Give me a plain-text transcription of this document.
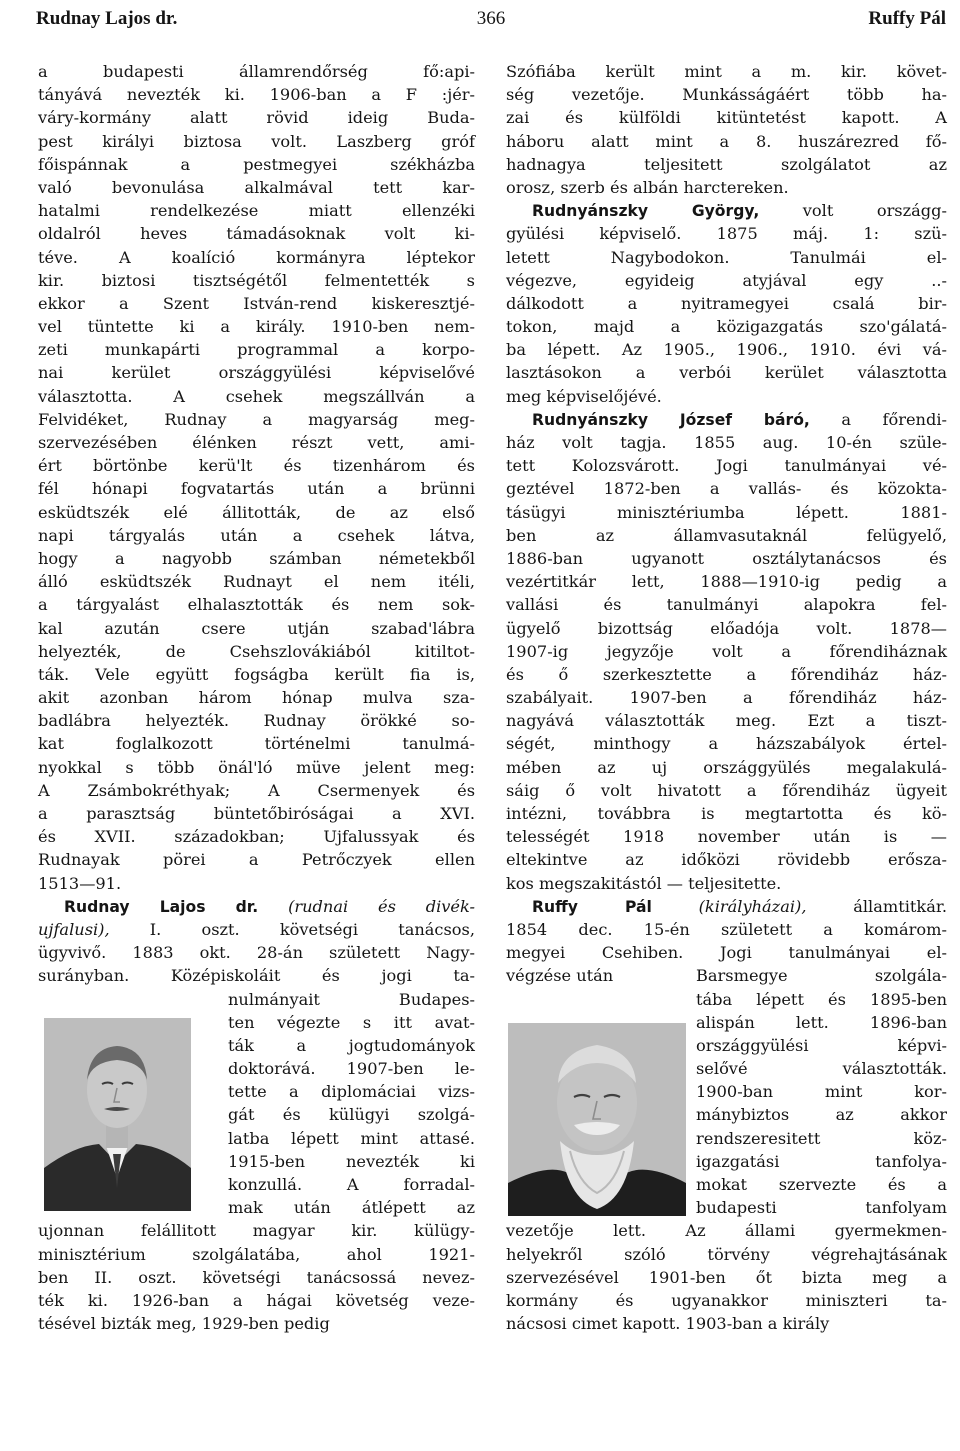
Rudnay Lajos dr.	366	Ruffy Pál
a budapesti államrendőrség fő:api-
tányává nevezték ki. 1906-ban a F :jér-
váry-kormány alatt rövid ideig Buda-
pest királyi biztosa volt. Laszberg gróf
főispánnak a pestmegyei székházba
való bevonulása alkalmával tett kar-
hatalmi rendelkezése miatt ellenzéki
oldalról heves támadásoknak volt ki-
téve. A koalíció kormányra léptekor
kir. biztosi tisztségétől felmentették s
ekkor a Szent István-rend kiskeresztjé-
vel tüntette ki a király. 1910-ben nem-
zeti munkapárti programmal a korpo-
nai kerület országgyülési képviselővé
választotta. A csehek megszállván a
Felvidéket, Rudnay a magyarság meg-
szervezésében élénken részt vett, ami-
ért börtönbe kerü'lt és tizenhárom és
fél hónapi fogvatartás után a brünni
esküdtszék elé állitották, de az első
napi tárgyalás után a csehek látva,
hogy a nagyobb számban németekből
álló esküdtszék Rudnayt el nem itéli,
a tárgyalást elhalasztották és nem sok-
kal azután csere utján szabad'lábra
helyezték, de Csehszlovákiából kitiltot-
ták. Vele együtt fogságba került fia is,
akit azonban három hónap mulva sza-
badlábra helyezték. Rudnay örökké so-
kat foglalkozott történelmi tanulmá-
nyokkal s több önál'ló müve jelent meg:
A Zsámbokréthyak; A Csermenyek és
a parasztság büntetőbiróságai a XVI.
és XVII. századokban; Ujfalussyak és
Rudnayak pörei a Petrőczyek ellen
1513—91.
Rudnay Lajos dr. (rudnai és divék-
ujfalusi), I. oszt. követségi tanácsos,
ügyvivő. 1883 okt. 28-án született Nagy-
surányban. Középiskoláit és jogi ta-
nulmányait Budapes-
ten végezte s itt avat-
ták a jogtudományok
doktorává. 1907-ben le-
tette a diplomáciai vizs-
gát és külügyi szolgá-
latba lépett mint attasé.
1915-ben nevezték ki
konzullá. A forradal-
mak után átlépett az
ujonnan felállitott magyar kir. külügy-
minisztérium szolgálatába, ahol 1921-
ben II. oszt. követségi tanácsossá nevez-
ték ki. 1926-ban a hágai követség veze-
tésével bizták meg, 1929-ben pedig
Szófiába került mint a m. kir. követ-
ség vezetője. Munkásságáért több ha-
zai és külföldi kitüntetést kapott. A
háboru alatt mint a 8. huszárezred fő-
hadnagya teljesitett szolgálatot az
orosz, szerb és albán harctereken.
Rudnyánszky György, volt országg-
gyülési képviselő. 1875 máj. 1: szü-
letett Nagybodokon. Tanulmái el-
végezve, egyideig atyjával egy ..-
dálkodott a nyitramegyei csalá bir-
tokon, majd a közigazgatás szo'gálatá-
ba lépett. Az 1905., 1906., 1910. évi vá-
lasztásokon a verbói kerület választotta
meg képviselőjévé.
Rudnyánszky József báró, a főrendi-
ház volt tagja. 1855 aug. 10-én szüle-
tett Kolozsvárott. Jogi tanulmányai vé-
geztével 1872-ben a vallás- és közokta-
tásügyi minisztériumba lépett. 1881-
ben az államvasutaknál felügyelő,
1886-ban ugyanott osztálytanácsos és
vezértitkár lett, 1888—1910-ig pedig a
vallási és tanulmányi alapokra fel-
ügyelő bizottság előadója volt. 1878—
1907-ig jegyzője volt a főrendiháznak
és ő szerkesztette a főrendiház ház-
szabályait. 1907-ben a főrendiház ház-
nagyává választották meg. Ezt a tiszt-
ségét, minthogy a házszabályok értel-
mében az uj országgyülés megalakulá-
sáig ő volt hivatott a főrendiház ügyeit
intézni, továbbra is megtartotta és kö-
telességét 1918 november után is —
eltekintve az időközi rövidebb erősza-
kos megszakitástól — teljesitette.
Ruffy Pál	(királyházai), államtitkár.
1854 dec. 15-én született a komárom-
megyei Csehiben. Jogi tanulmányai el-
végzése után	Barsmegye szolgála-
tába lépett és 1895-ben
alispán lett. 1896-ban
országgyülési képvi-
selővé választották.
1900-ban mint kor-
mánybiztos az akkor
rendszeresitett köz-
igazgatási tanfolya-
mokat szervezte és a
budapesti tanfolyam
vezetője lett. Az állami gyermekmen-
helyekről szóló törvény végrehajtásának
szervezésével 1901-ben őt bizta meg a
kormány és ugyanakkor miniszteri ta-
nácsosi cimet kapott. 1903-ban a király
